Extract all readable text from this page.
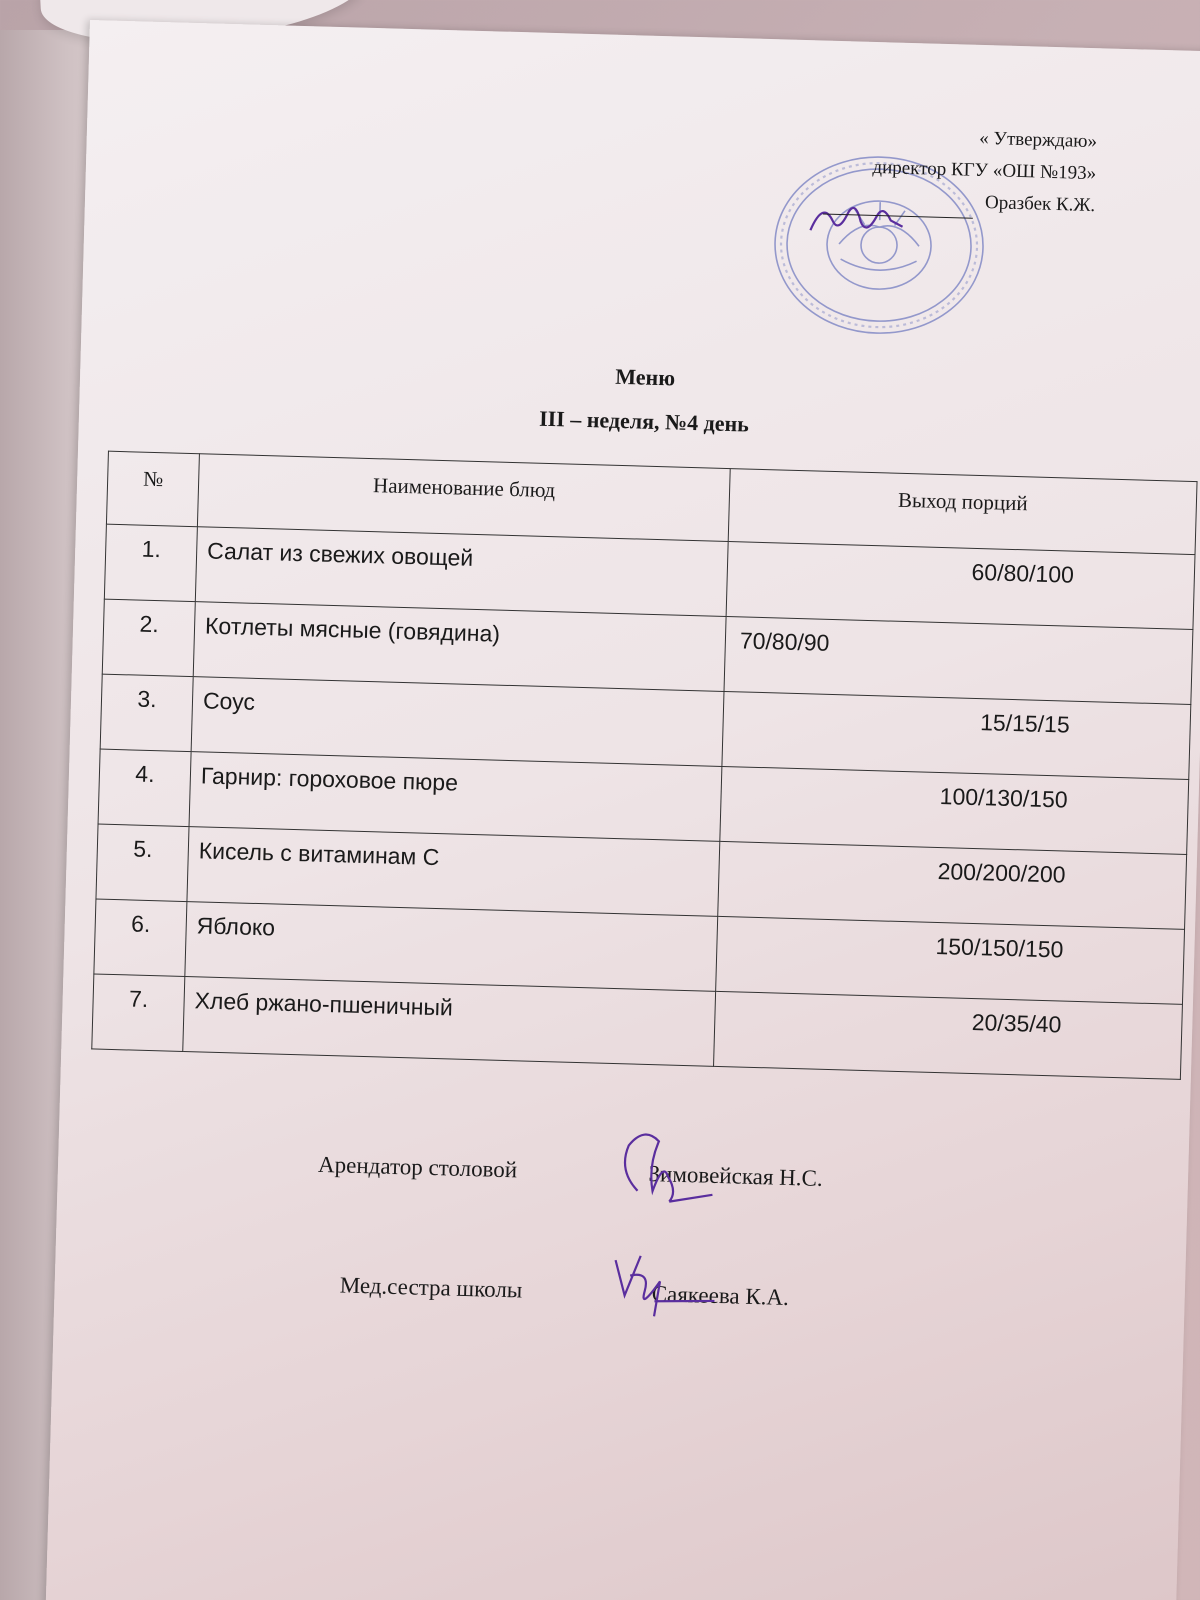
« Утверждаю»
директор КГУ «ОШ №193»
Оразбек К.Ж.
Меню
III – неделя, №4 день
№	Наименование блюд	Выход порций
1.	Салат из свежих овощей	60/80/100
2.	Котлеты мясные (говядина)	70/80/90
3.	Соус	15/15/15
4.	Гарнир: гороховое пюре	100/130/150
5.	Кисель с витаминам С	200/200/200
6.	Яблоко	150/150/150
7.	Хлеб ржано-пшеничный	20/35/40
Арендатор столовой	Зимовейская Н.С.
Мед.сестра школы	Саякеева К.А.
